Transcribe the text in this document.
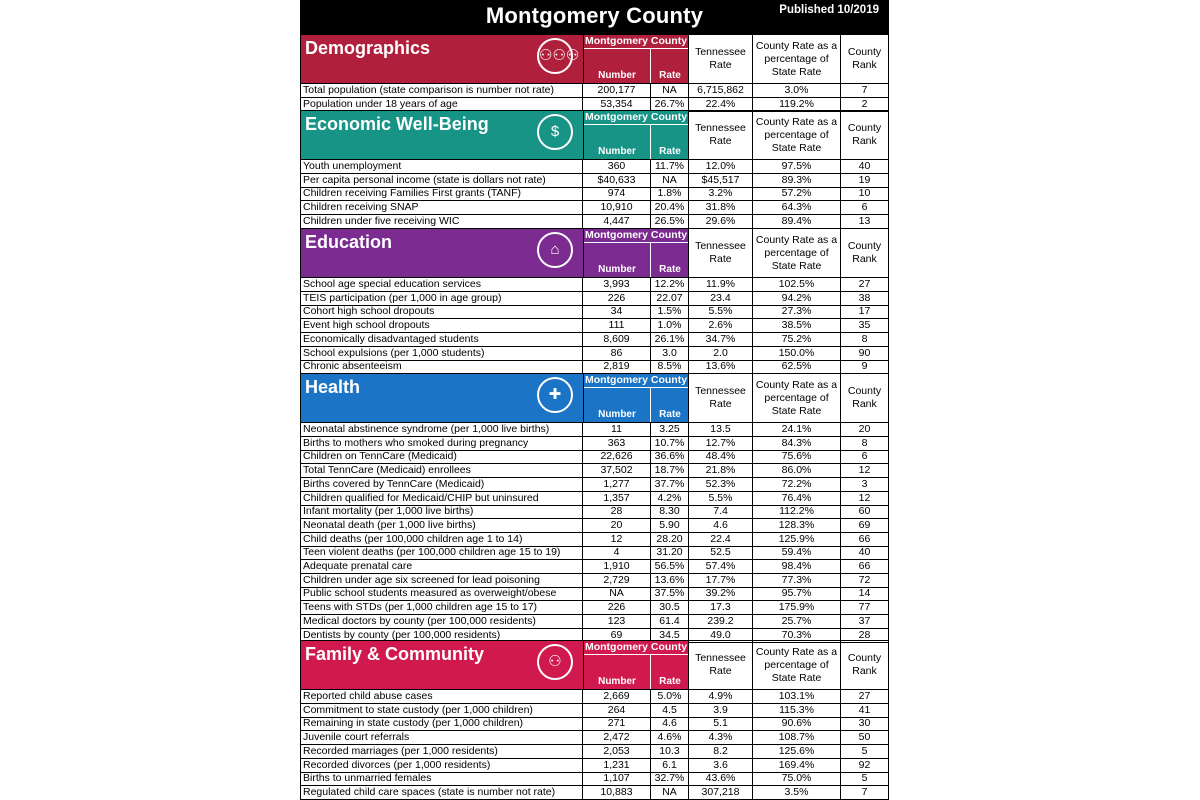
Montgomery County	Published 10/2019
Demographics	⚇⚇⚇
Montgomery County
Number	Rate
Tennessee Rate
County Rate as a percentage of State Rate
County Rank
Total population (state comparison is number not rate)	200,177	NA	6,715,862	3.0%	7
Population under 18 years of age	53,354	26.7%	22.4%	119.2%	2
Economic Well-Being	$
Montgomery County
Number	Rate
Tennessee Rate
County Rate as a percentage of State Rate
County Rank
Youth unemployment	360	11.7%	12.0%	97.5%	40
Per capita personal income (state is dollars not rate)	$40,633	NA	$45,517	89.3%	19
Children receiving Families First grants (TANF)	974	1.8%	3.2%	57.2%	10
Children receiving SNAP	10,910	20.4%	31.8%	64.3%	6
Children under five receiving WIC	4,447	26.5%	29.6%	89.4%	13
Education	⌂
Montgomery County
Number	Rate
Tennessee Rate
County Rate as a percentage of State Rate
County Rank
School age special education services	3,993	12.2%	11.9%	102.5%	27
TEIS participation (per 1,000 in age group)	226	22.07	23.4	94.2%	38
Cohort high school dropouts	34	1.5%	5.5%	27.3%	17
Event high school dropouts	111	1.0%	2.6%	38.5%	35
Economically disadvantaged students	8,609	26.1%	34.7%	75.2%	8
School expulsions (per 1,000 students)	86	3.0	2.0	150.0%	90
Chronic absenteeism	2,819	8.5%	13.6%	62.5%	9
Health	✚
Montgomery County
Number	Rate
Tennessee Rate
County Rate as a percentage of State Rate
County Rank
Neonatal abstinence syndrome (per 1,000 live births)	11	3.25	13.5	24.1%	20
Births to mothers who smoked during pregnancy	363	10.7%	12.7%	84.3%	8
Children on TennCare (Medicaid)	22,626	36.6%	48.4%	75.6%	6
Total TennCare (Medicaid) enrollees	37,502	18.7%	21.8%	86.0%	12
Births covered by TennCare (Medicaid)	1,277	37.7%	52.3%	72.2%	3
Children qualified for Medicaid/CHIP but uninsured	1,357	4.2%	5.5%	76.4%	12
Infant mortality (per 1,000 live births)	28	8.30	7.4	112.2%	60
Neonatal death (per 1,000 live births)	20	5.90	4.6	128.3%	69
Child deaths (per 100,000 children age 1 to 14)	12	28.20	22.4	125.9%	66
Teen violent deaths (per 100,000 children age 15 to 19)	4	31.20	52.5	59.4%	40
Adequate prenatal care	1,910	56.5%	57.4%	98.4%	66
Children under age six screened for lead poisoning	2,729	13.6%	17.7%	77.3%	72
Public school students measured as overweight/obese	NA	37.5%	39.2%	95.7%	14
Teens with STDs (per 1,000 children age 15 to 17)	226	30.5	17.3	175.9%	77
Medical doctors by county (per 100,000 residents)	123	61.4	239.2	25.7%	37
Dentists by county (per 100,000 residents)	69	34.5	49.0	70.3%	28
Family & Community	⚇
Montgomery County
Number	Rate
Tennessee Rate
County Rate as a percentage of State Rate
County Rank
Reported child abuse cases	2,669	5.0%	4.9%	103.1%	27
Commitment to state custody (per 1,000 children)	264	4.5	3.9	115.3%	41
Remaining in state custody (per 1,000 children)	271	4.6	5.1	90.6%	30
Juvenile court referrals	2,472	4.6%	4.3%	108.7%	50
Recorded marriages (per 1,000 residents)	2,053	10.3	8.2	125.6%	5
Recorded divorces (per 1,000 residents)	1,231	6.1	3.6	169.4%	92
Births to unmarried females	1,107	32.7%	43.6%	75.0%	5
Regulated child care spaces (state is number not rate)	10,883	NA	307,218	3.5%	7
